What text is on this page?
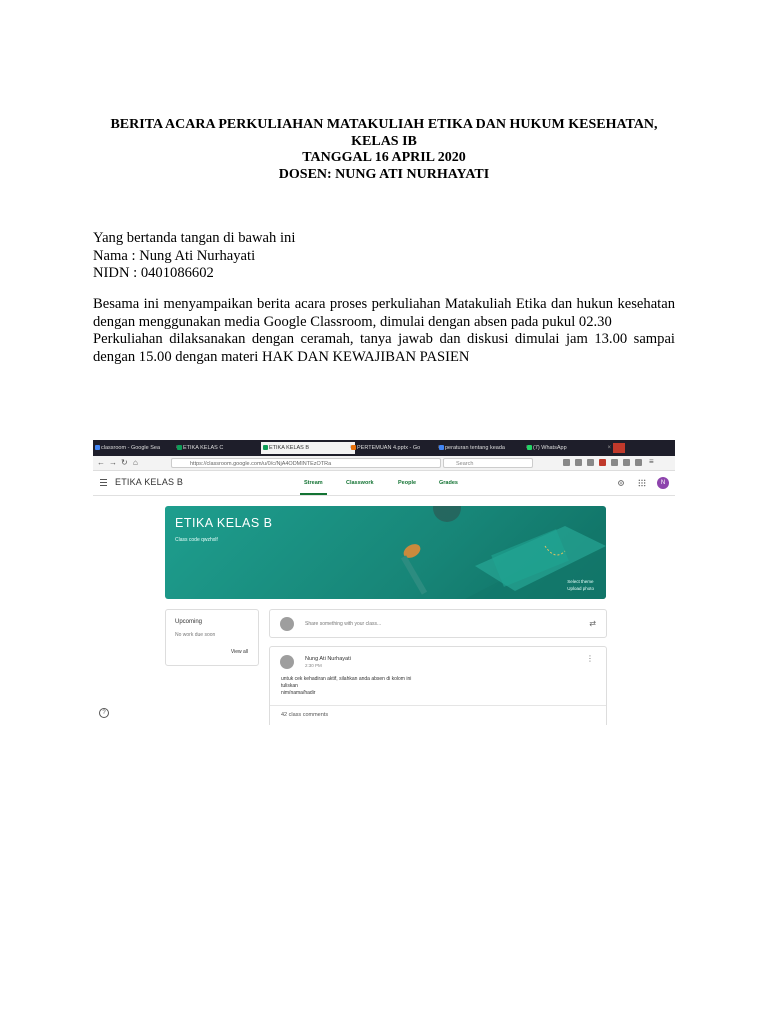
BERITA ACARA PERKULIAHAN MATAKULIAH ETIKA DAN HUKUM KESEHATAN,
KELAS IB
TANGGAL 16 APRIL 2020
DOSEN: NUNG ATI NURHAYATI
Yang bertanda tangan di bawah ini
Nama : Nung Ati Nurhayati
NIDN : 0401086602

Besama ini menyampaikan berita acara proses perkuliahan Matakuliah Etika dan hukun kesehatan dengan menggunakan media Google Classroom, dimulai dengan absen pada pukul 02.30

Perkuliahan dilaksanakan dengan ceramah, tanya jawab dan diskusi dimulai jam 13.00 sampai dengan 15.00 dengan materi HAK DAN KEWAJIBAN PASIEN

classroom - Google Sea	ETIKA KELAS C	ETIKA KELAS B	PERTEMUAN 4.pptx - Go	peraturan tentang keada	(7) WhatsApp	×
← → ↻ ⌂	https://classroom.google.com/u/0/c/NjA4ODMINTEzOTRa	Search	≡
ETIKA KELAS B	Stream	Classwork	People	Grades	N
ETIKA KELAS B
Class code qwzhxlf
Select theme
Upload photo
Upcoming
No work due soon
View all
Share something with your class...	⇄
Nung Ati Nurhayati
2:30 PM
⋮
untuk cek kehadiran aktif, silahkan anda absen di kolom ini
tuliskan
nim/nama/hadir
42 class comments
?
